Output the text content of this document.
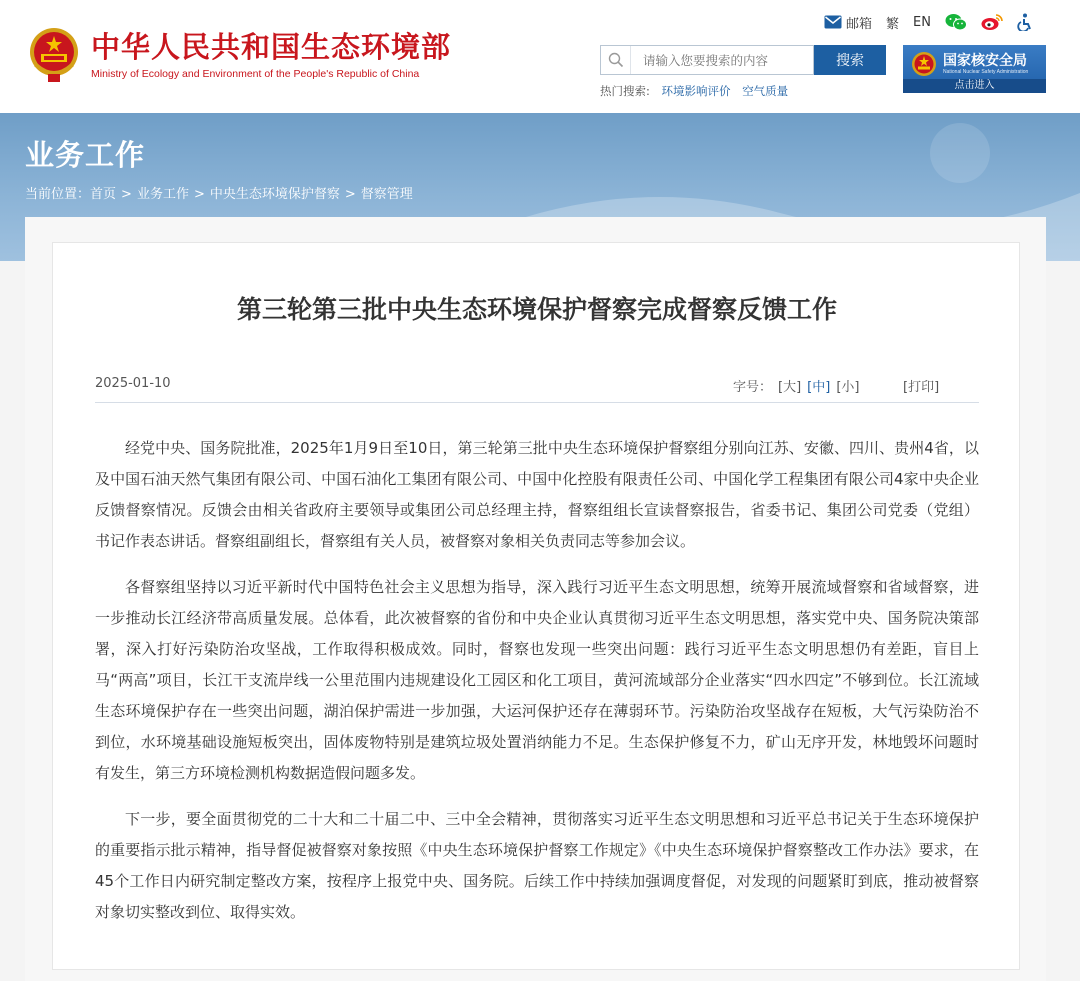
中华人民共和国生态环境部
Ministry of Ecology and Environment of the People's Republic of China
邮箱 繁 EN
请输入您要搜索的内容
搜索
热门搜索: 环境影响评价 空气质量
国家核安全局
National Nuclear Safety Administration
点击进入
业务工作
当前位置：首页 > 业务工作 > 中央生态环境保护督察 > 督察管理
第三轮第三批中央生态环境保护督察完成督察反馈工作
2025-01-10	字号： [大] [中] [小]	[打印]

经党中央、国务院批准，2025年1月9日至10日，第三轮第三批中央生态环境保护督察组分别向江苏、安徽、四川、贵州4省，以及中国石油天然气集团有限公司、中国石油化工集团有限公司、中国中化控股有限责任公司、中国化学工程集团有限公司4家中央企业反馈督察情况。反馈会由相关省政府主要领导或集团公司总经理主持，督察组组长宣读督察报告，省委书记、集团公司党委（党组）书记作表态讲话。督察组副组长，督察组有关人员，被督察对象相关负责同志等参加会议。

各督察组坚持以习近平新时代中国特色社会主义思想为指导，深入践行习近平生态文明思想，统筹开展流域督察和省域督察，进一步推动长江经济带高质量发展。总体看，此次被督察的省份和中央企业认真贯彻习近平生态文明思想，落实党中央、国务院决策部署，深入打好污染防治攻坚战，工作取得积极成效。同时，督察也发现一些突出问题：践行习近平生态文明思想仍有差距，盲目上马“两高”项目，长江干支流岸线一公里范围内违规建设化工园区和化工项目，黄河流域部分企业落实“四水四定”不够到位。长江流域生态环境保护存在一些突出问题，湖泊保护需进一步加强，大运河保护还存在薄弱环节。污染防治攻坚战存在短板，大气污染防治不到位，水环境基础设施短板突出，固体废物特别是建筑垃圾处置消纳能力不足。生态保护修复不力，矿山无序开发，林地毁坏问题时有发生，第三方环境检测机构数据造假问题多发。

下一步，要全面贯彻党的二十大和二十届二中、三中全会精神，贯彻落实习近平生态文明思想和习近平总书记关于生态环境保护的重要指示批示精神，指导督促被督察对象按照《中央生态环境保护督察工作规定》《中央生态环境保护督察整改工作办法》要求，在45个工作日内研究制定整改方案，按程序上报党中央、国务院。后续工作中持续加强调度督促，对发现的问题紧盯到底，推动被督察对象切实整改到位、取得实效。
